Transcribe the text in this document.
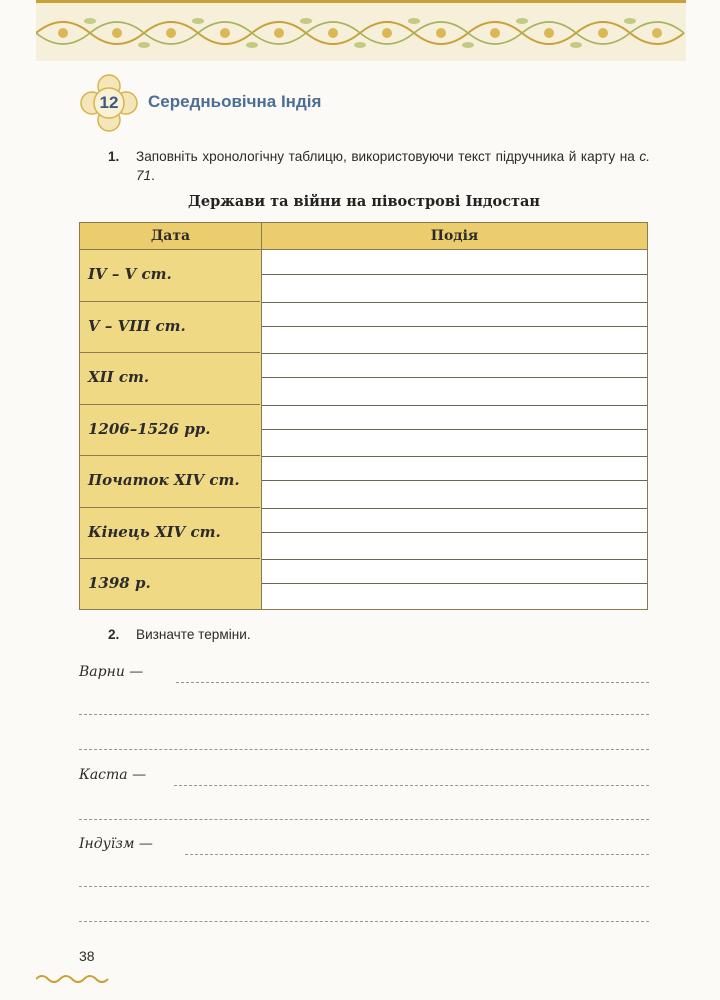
12	Середньовічна Індія
1. Заповніть хронологічну таблицю, використовуючи текст підручника й карту на с. 71.
Держави та війни на півострові Індостан
Дата	Подія
IV – V ст.
V – VIII ст.
XII ст.
1206–1526 рр.
Початок XIV ст.
Кінець XIV ст.
1398 р.
2. Визначте терміни.
Варни —
Каста —
Індуїзм —
38
